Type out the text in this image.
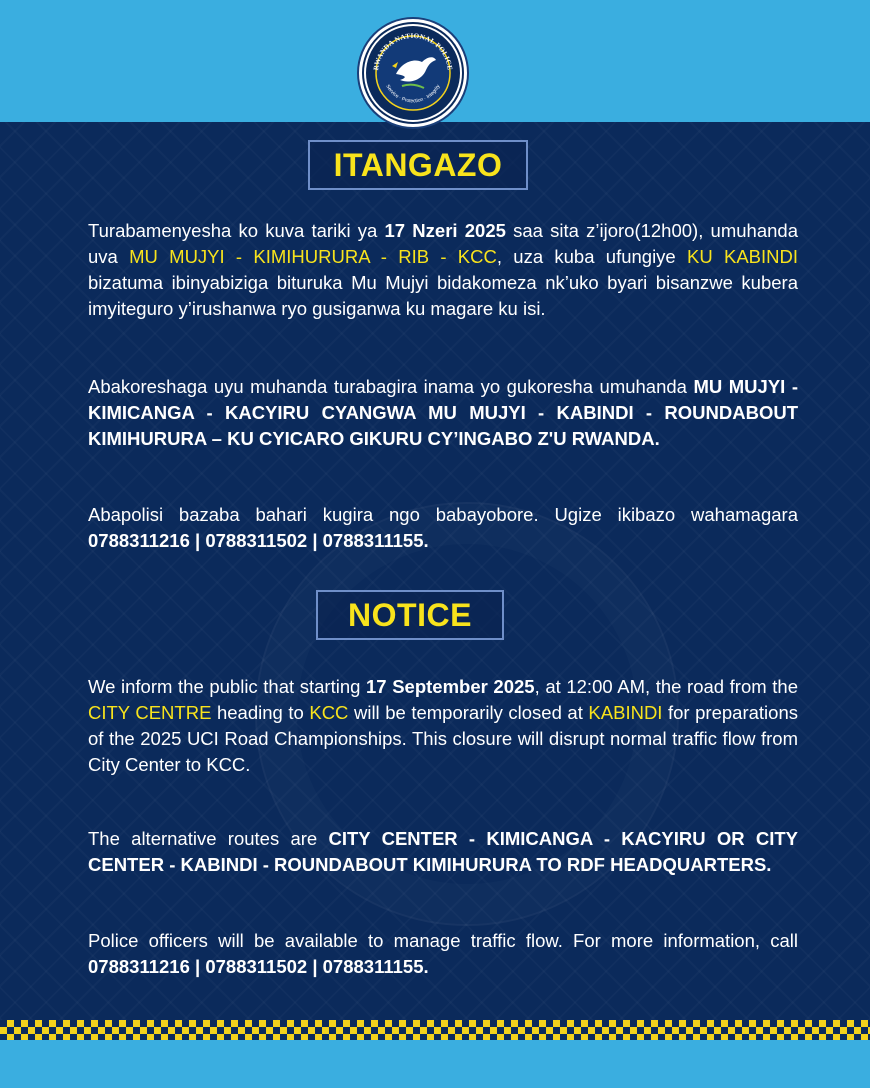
RWANDA NATIONAL POLICE
Service · Protection · Integrity
ITANGAZO
Turabamenyesha ko kuva tariki ya 17 Nzeri 2025 saa sita z’ijoro(12h00), umuhanda uva MU MUJYI - KIMIHURURA - RIB - KCC, uza kuba ufungiye KU KABINDI bizatuma ibinyabiziga bituruka Mu Mujyi bidakomeza nk’uko byari bisanzwe kubera imyiteguro y’irushanwa ryo gusiganwa ku magare ku isi.
Abakoreshaga uyu muhanda turabagira inama yo gukoresha umuhanda MU MUJYI - KIMICANGA - KACYIRU CYANGWA MU MUJYI - KABINDI - ROUNDABOUT KIMIHURURA – KU CYICARO GIKURU CY’INGABO Z'U RWANDA.
Abapolisi bazaba bahari kugira ngo babayobore. Ugize ikibazo wahamagara 0788311216 | 0788311502 | 0788311155.
NOTICE
We inform the public that starting 17 September 2025, at 12:00 AM, the road from the CITY CENTRE heading to KCC will be temporarily closed at KABINDI for preparations of the 2025 UCI Road Championships. This closure will disrupt normal traffic flow from City Center to KCC.
The alternative routes are CITY CENTER - KIMICANGA - KACYIRU OR CITY CENTER - KABINDI - ROUNDABOUT KIMIHURURA TO RDF HEADQUARTERS.
Police officers will be available to manage traffic flow. For more information, call 0788311216 | 0788311502 | 0788311155.
